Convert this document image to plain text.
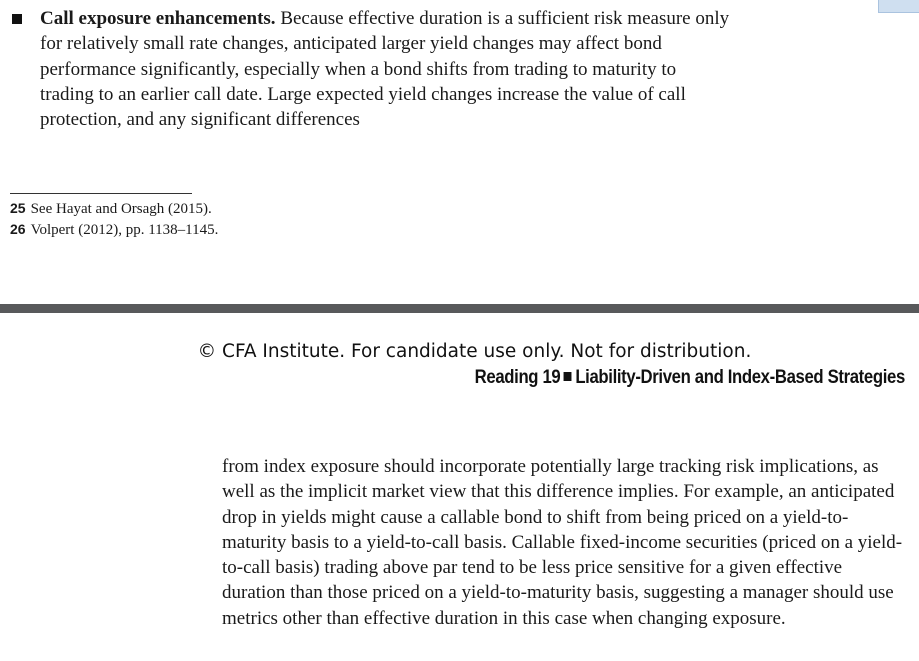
Call exposure enhancements. Because effective duration is a sufficient risk measure only for relatively small rate changes, anticipated larger yield changes may affect bond performance significantly, especially when a bond shifts from trading to maturity to trading to an earlier call date. Large expected yield changes increase the value of call protection, and any significant differences
25 See Hayat and Orsagh (2015).
26 Volpert (2012), pp. 1138–1145.
© CFA Institute. For candidate use only. Not for distribution.
Reading 19 Liability-Driven and Index-Based Strategies

from index exposure should incorporate potentially large tracking risk implications, as well as the implicit market view that this difference implies. For example, an anticipated drop in yields might cause a callable bond to shift from being priced on a yield-to-maturity basis to a yield-to-call basis. Callable fixed-income securities (priced on a yield-to-call basis) trading above par tend to be less price sensitive for a given effective duration than those priced on a yield-to-maturity basis, suggesting a manager should use metrics other than effective duration in this case when changing exposure.
